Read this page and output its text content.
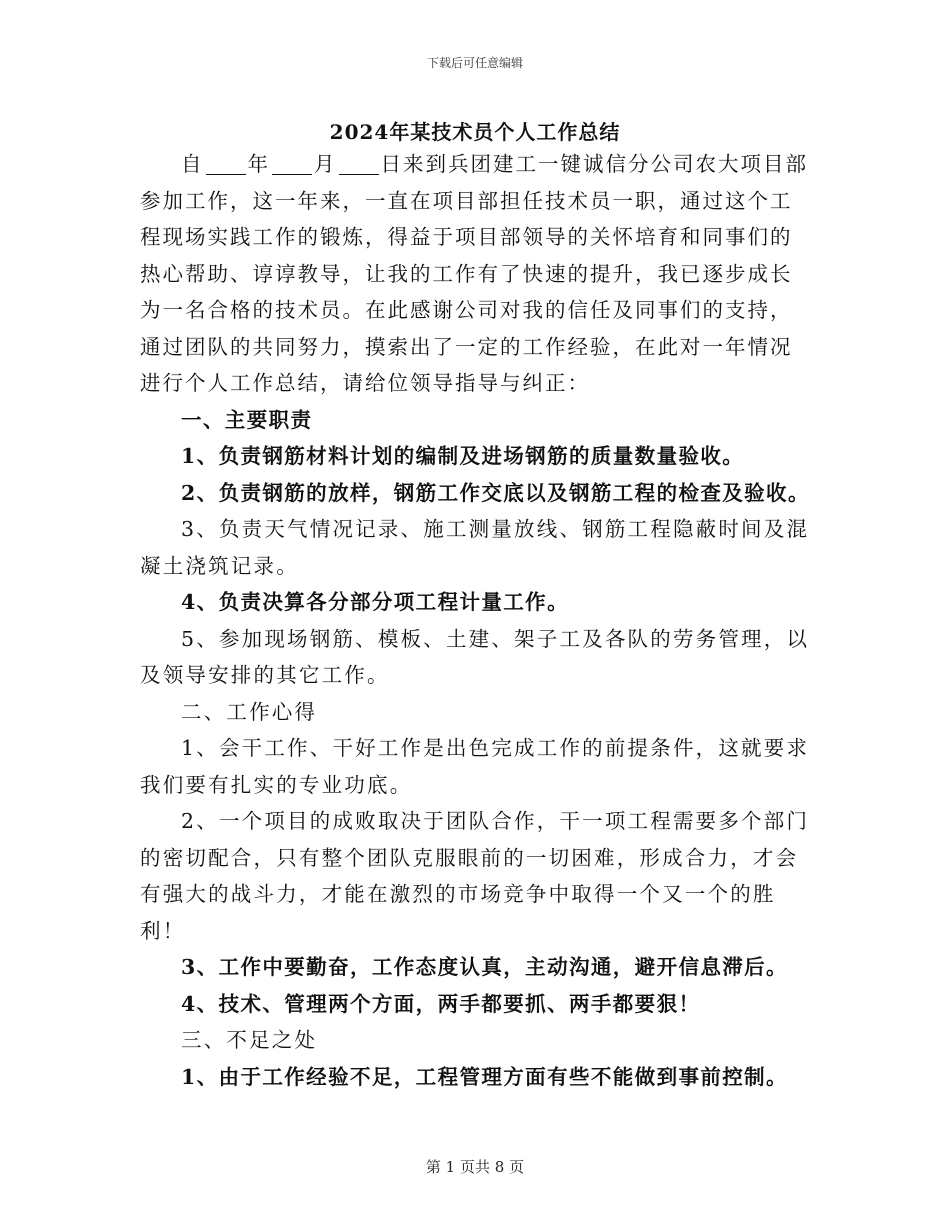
下载后可任意编辑
2024年某技术员个人工作总结

自 年 月 日来到兵团建工一键诚信分公司农大项目部参加工作，这一年来，一直在项目部担任技术员一职，通过这个工程现场实践工作的锻炼，得益于项目部领导的关怀培育和同事们的热心帮助、谆谆教导，让我的工作有了快速的提升，我已逐步成长为一名合格的技术员。在此感谢公司对我的信任及同事们的支持，通过团队的共同努力，摸索出了一定的工作经验，在此对一年情况进行个人工作总结，请给位领导指导与纠正：

一、主要职责

1、负责钢筋材料计划的编制及进场钢筋的质量数量验收。

2、负责钢筋的放样，钢筋工作交底以及钢筋工程的检查及验收。

3、负责天气情况记录、施工测量放线、钢筋工程隐蔽时间及混凝土浇筑记录。

4、负责决算各分部分项工程计量工作。

5、参加现场钢筋、模板、土建、架子工及各队的劳务管理，以及领导安排的其它工作。

二、工作心得

1、会干工作、干好工作是出色完成工作的前提条件，这就要求我们要有扎实的专业功底。

2、一个项目的成败取决于团队合作，干一项工程需要多个部门的密切配合，只有整个团队克服眼前的一切困难，形成合力，才会有强大的战斗力，才能在激烈的市场竞争中取得一个又一个的胜利！

3、工作中要勤奋，工作态度认真，主动沟通，避开信息滞后。

4、技术、管理两个方面，两手都要抓、两手都要狠！

三、不足之处

1、由于工作经验不足，工程管理方面有些不能做到事前控制。

第 1 页共 8 页
